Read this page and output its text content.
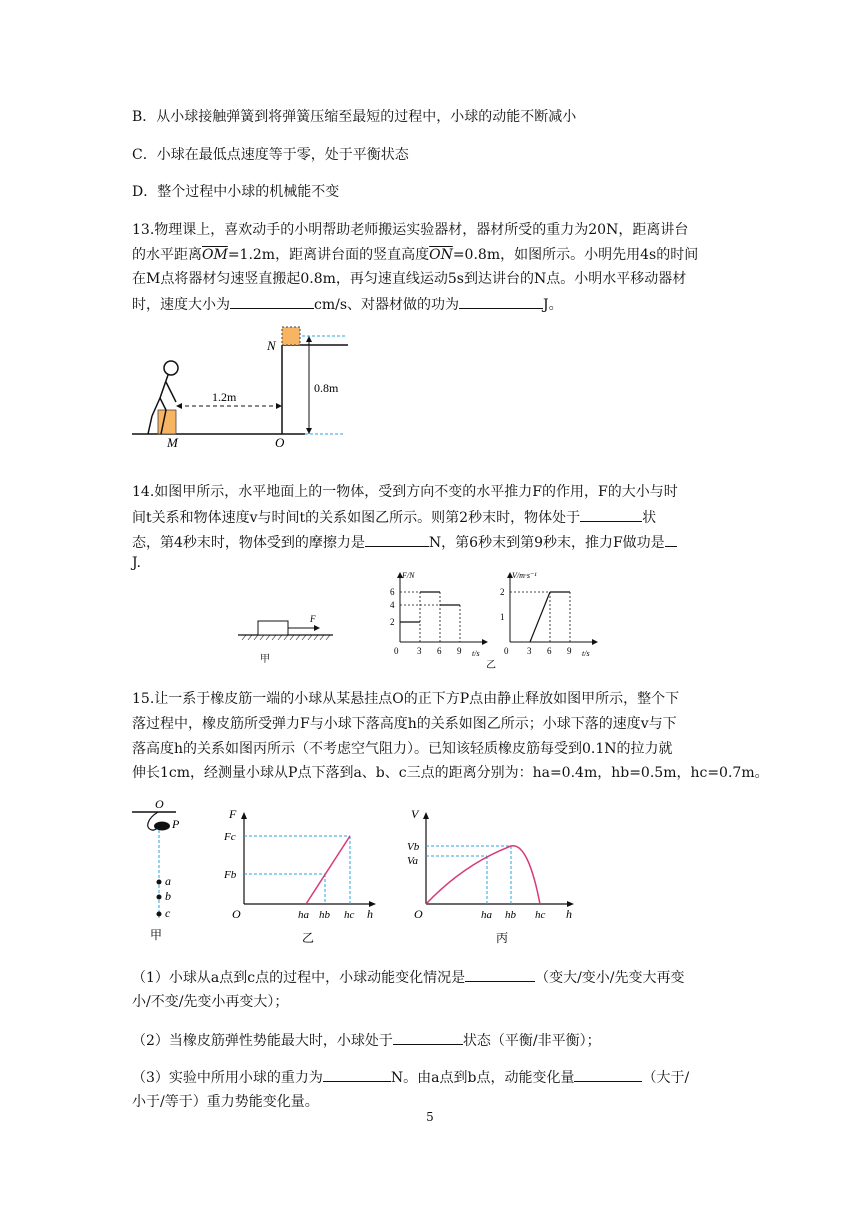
B．从小球接触弹簧到将弹簧压缩至最短的过程中，小球的动能不断减小
C．小球在最低点速度等于零，处于平衡状态
D．整个过程中小球的机械能不变
13.物理课上，喜欢动手的小明帮助老师搬运实验器材，器材所受的重力为20N，距离讲台
的水平距离$\overline{OM}=1.2m$，距离讲台面的竖直高度$\overline{ON}=0.8m$，如图所示。小明先用4s的时间
在M点将器材匀速竖直搬起0.8m，再匀速直线运动5s到达讲台的N点。小明水平移动器材
时，速度大小为	cm/s、对器材做的功为	J。
N
M	O
1.2m
0.8m
14.如图甲所示，水平地面上的一物体，受到方向不变的水平推力F的作用，F的大小与时
间t关系和物体速度v与时间t的关系如图乙所示。则第2秒末时，物体处于	状
态，第4秒末时，物体受到的摩擦力是	N，第6秒末到第9秒末，推力F做功是
J.
F
甲
0 3 6 9 t/s
F/N
6
4
2
0 3 6 9 t/s
V/m·s⁻¹
2
1
乙
15.让一系于橡皮筋一端的小球从某悬挂点O的正下方P点由静止释放如图甲所示，整个下
落过程中，橡皮筋所受弹力F与小球下落高度h的关系如图乙所示；小球下落的速度v与下
落高度h的关系如图丙所示（不考虑空气阻力）。已知该轻质橡皮筋每受到0.1N的拉力就
伸长1cm，经测量小球从P点下落到a、b、c三点的距离分别为：ha=0.4m，hb=0.5m，hc=0.7m。
O
P
a
b
c
甲
F
Fc
Fb
O	ha hb hc h
乙
V
Vb
Va
O	ha hb hc h
丙
（1）小球从a点到c点的过程中，小球动能变化情况是	（变大/变小/先变大再变
小/不变/先变小再变大）；
（2）当橡皮筋弹性势能最大时，小球处于	状态（平衡/非平衡）；
（3）实验中所用小球的重力为	N。由a点到b点，动能变化量	（大于/
小于/等于）重力势能变化量。
5
